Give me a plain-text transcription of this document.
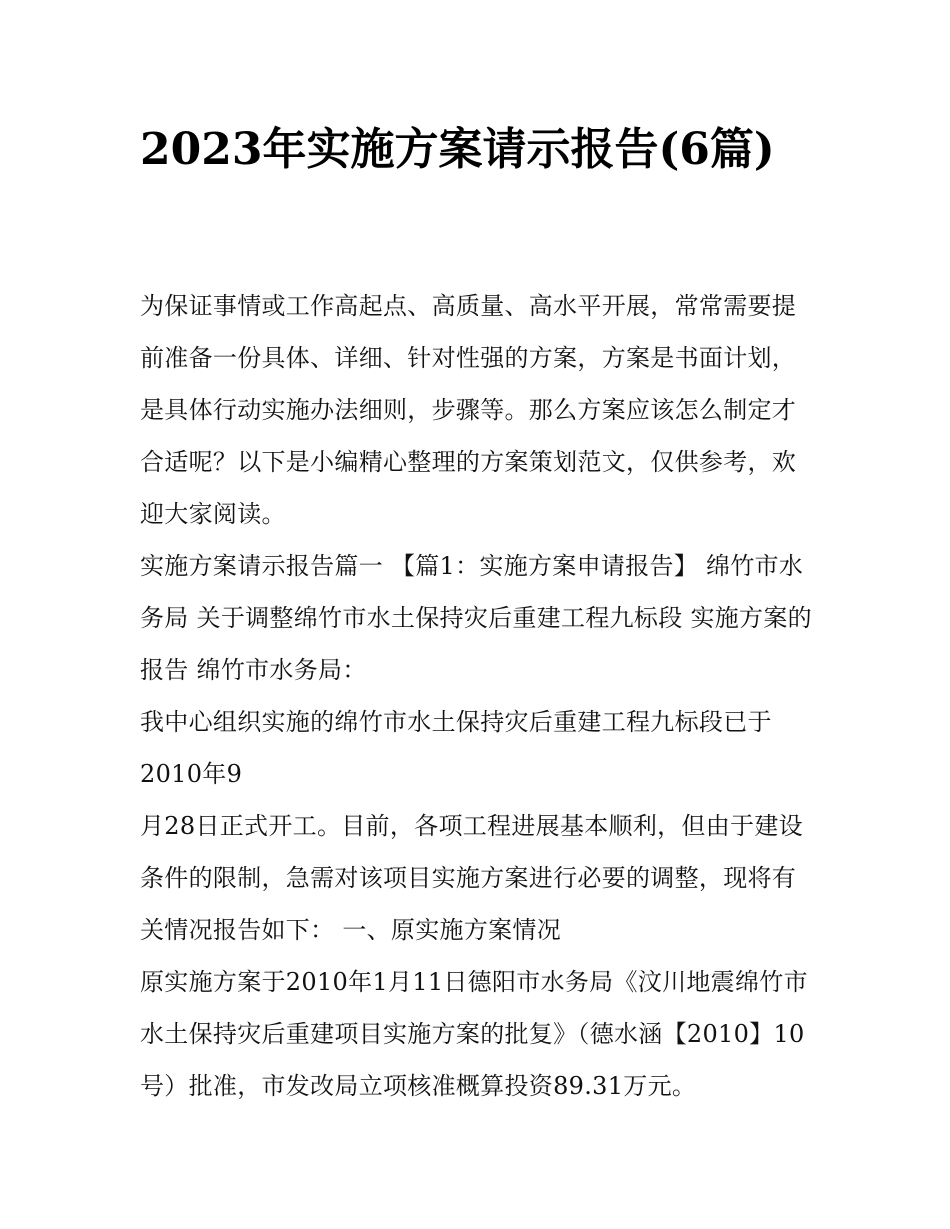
2023年实施方案请示报告(6篇)

为保证事情或工作高起点、高质量、高水平开展，常常需要提前准备一份具体、详细、针对性强的方案，方案是书面计划，是具体行动实施办法细则，步骤等。那么方案应该怎么制定才合适呢？以下是小编精心整理的方案策划范文，仅供参考，欢迎大家阅读。

实施方案请示报告篇一 【篇1：实施方案申请报告】 绵竹市水务局 关于调整绵竹市水土保持灾后重建工程九标段 实施方案的报告 绵竹市水务局：

我中心组织实施的绵竹市水土保持灾后重建工程九标段已于2010年9

月28日正式开工。目前，各项工程进展基本顺利，但由于建设条件的限制，急需对该项目实施方案进行必要的调整，现将有关情况报告如下： 一、原实施方案情况

原实施方案于2010年1月11日德阳市水务局《汶川地震绵竹市水土保持灾后重建项目实施方案的批复》（德水涵【2010】10号）批准，市发改局立项核准概算投资89.31万元。
